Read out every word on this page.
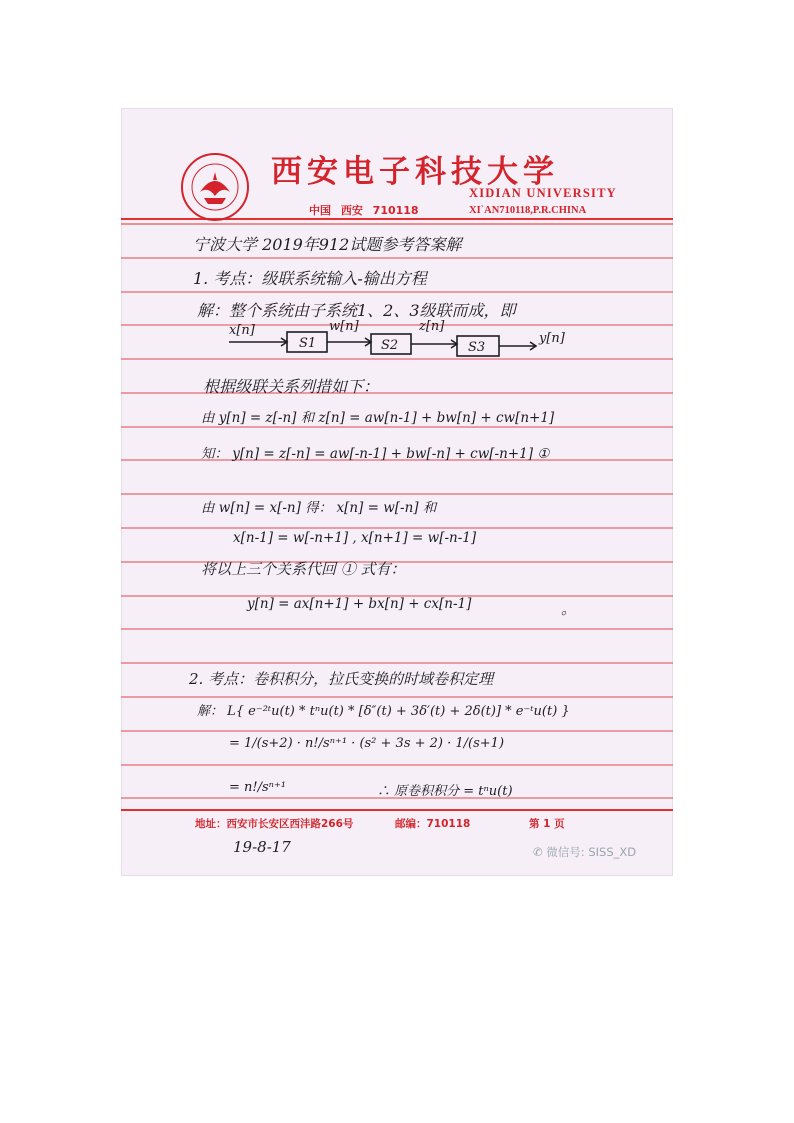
西安电子科技大学
XIDIAN UNIVERSITY
中国 西安 710118	XI`AN710118,P.R.CHINA
宁波大学 2019年912试题参考答案解
1. 考点：级联系统输入-输出方程
解：整个系统由子系统1、2、3级联而成，即
x[n]
S1
w[n]
S2
z[n]
S3
y[n]
根据级联关系列措如下：
由 y[n] = z[-n] 和 z[n] = aw[n-1] + bw[n] + cw[n+1]
知： y[n] = z[-n] = aw[-n-1] + bw[-n] + cw[-n+1] ①
由 w[n] = x[-n] 得： x[n] = w[-n] 和
x[n-1] = w[-n+1] , x[n+1] = w[-n-1]
将以上三个关系代回 ① 式有：
y[n] = ax[n+1] + bx[n] + cx[n-1]	。
2. 考点：卷积积分，拉氏变换的时域卷积定理
解： L{ e⁻²ᵗu(t) * tⁿu(t) * [δ″(t) + 3δ′(t) + 2δ(t)] * e⁻ᵗu(t) }
= 1/(s+2) · n!/sⁿ⁺¹ · (s² + 3s + 2) · 1/(s+1)
= n!/sⁿ⁺¹	∴ 原卷积积分 = tⁿu(t)
地址：西安市长安区西沣路266号	邮编：710118	第 1 页
19-8-17	✆ 微信号: SISS_XD
